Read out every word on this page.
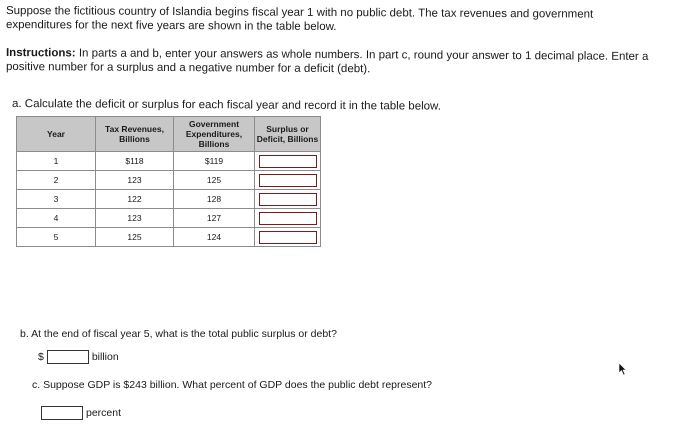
Suppose the fictitious country of Islandia begins fiscal year 1 with no public debt. The tax revenues and government
expenditures for the next five years are shown in the table below.
Instructions: In parts a and b, enter your answers as whole numbers. In part c, round your answer to 1 decimal place. Enter a
positive number for a surplus and a negative number for a deficit (debt).
a. Calculate the deficit or surplus for each fiscal year and record it in the table below.
Year	Tax Revenues, Billions	Government Expenditures, Billions	Surplus or Deficit, Billions
1	$118	$119	

2	123	125	

3	122	128	

4	123	127	

5	125	124	
b. At the end of fiscal year 5, what is the total public surplus or debt?
$	billion
c. Suppose GDP is $243 billion. What percent of GDP does the public debt represent?
percent
